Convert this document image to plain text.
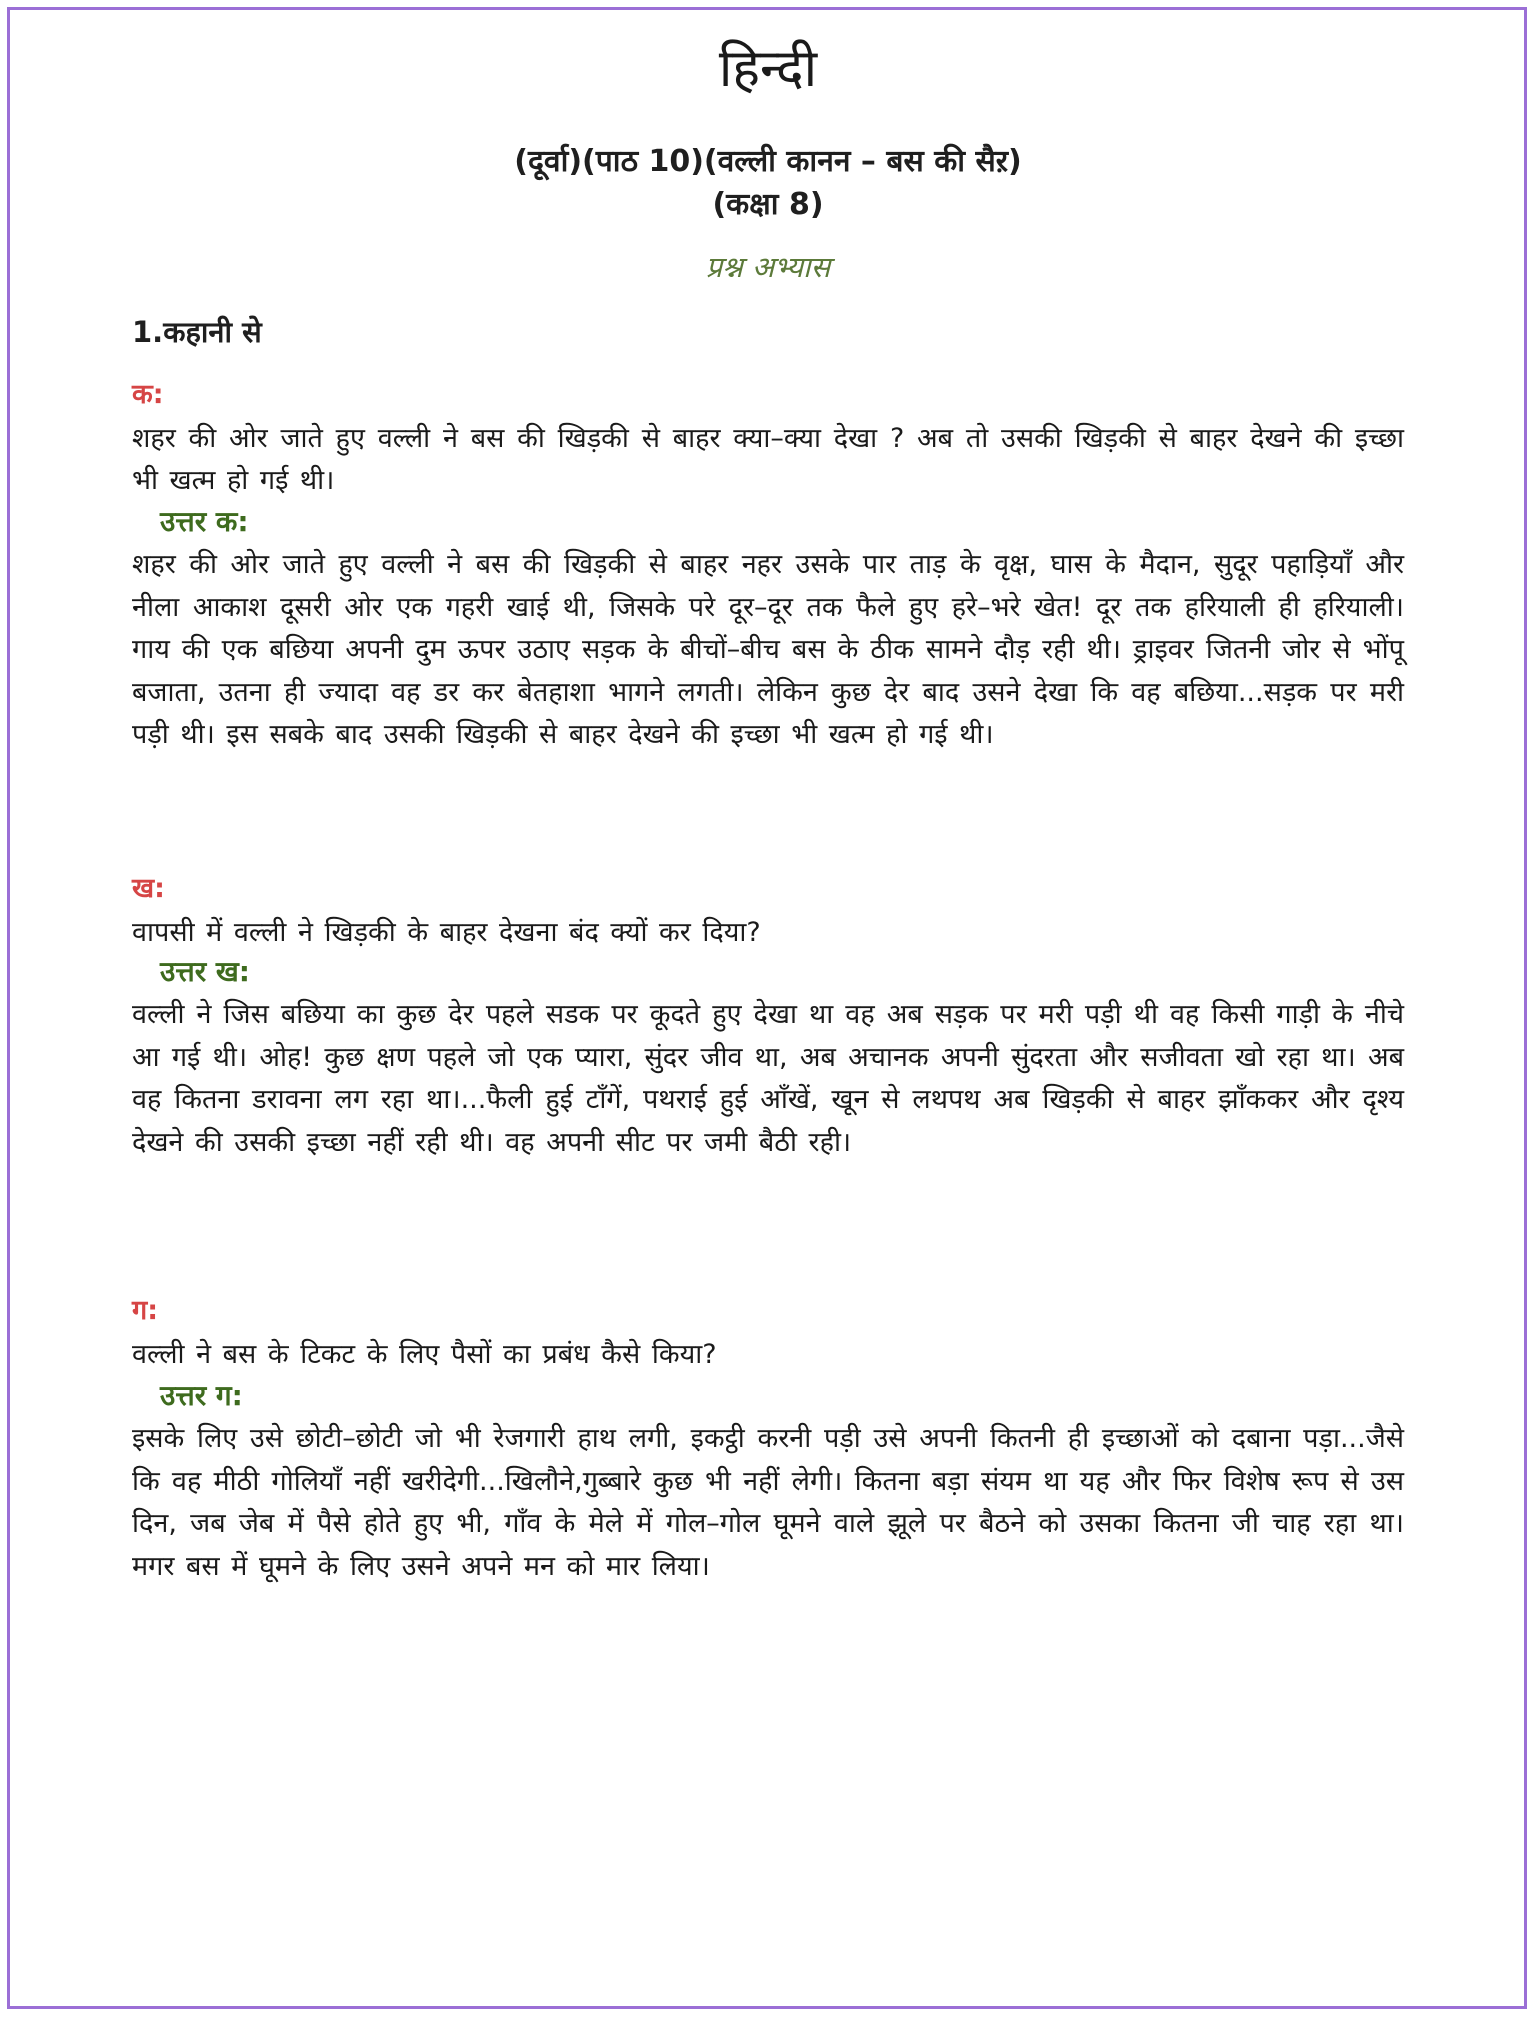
हिन्दी
(दूर्वा)(पाठ 10)(वल्ली कानन – बस की सैऱ)
(कक्षा 8)
प्रश्न अभ्यास
1.कहानी से
क:
शहर की ओर जाते हुए वल्ली ने बस की खिड़की से बाहर क्या–क्या देखा ? अब तो उसकी खिड़की से बाहर देखने की इच्छा भी खत्म हो गई थी।
उत्तर क:
शहर की ओर जाते हुए वल्ली ने बस की खिड़की से बाहर नहर उसके पार ताड़ के वृक्ष, घास के मैदान, सुदूर पहाड़ियाँ और नीला आकाश दूसरी ओर एक गहरी खाई थी, जिसके परे दूर–दूर तक फैले हुए हरे–भरे खेत! दूर तक हरियाली ही हरियाली। गाय की एक बछिया अपनी दुम ऊपर उठाए सड़क के बीचों–बीच बस के ठीक सामने दौड़ रही थी। ड्राइवर जितनी जोर से भोंपू बजाता, उतना ही ज्यादा वह डर कर बेतहाशा भागने लगती। लेकिन कुछ देर बाद उसने देखा कि वह बछिया...सड़क पर मरी पड़ी थी। इस सबके बाद उसकी खिड़की से बाहर देखने की इच्छा भी खत्म हो गई थी।
ख:
वापसी में वल्ली ने खिड़की के बाहर देखना बंद क्यों कर दिया?
उत्तर ख:
वल्ली ने जिस बछिया का कुछ देर पहले सडक पर कूदते हुए देखा था वह अब सड़क पर मरी पड़ी थी वह किसी गाड़ी के नीचे आ गई थी। ओह! कुछ क्षण पहले जो एक प्यारा, सुंदर जीव था, अब अचानक अपनी सुंदरता और सजीवता खो रहा था। अब वह कितना डरावना लग रहा था।...फैली हुई टाँगें, पथराई हुई आँखें, खून से लथपथ अब खिड़की से बाहर झाँककर और दृश्य देखने की उसकी इच्छा नहीं रही थी। वह अपनी सीट पर जमी बैठी रही।
ग:
वल्ली ने बस के टिकट के लिए पैसों का प्रबंध कैसे किया?
उत्तर ग:
इसके लिए उसे छोटी–छोटी जो भी रेजगारी हाथ लगी, इकट्ठी करनी पड़ी उसे अपनी कितनी ही इच्छाओं को दबाना पड़ा...जैसे कि वह मीठी गोलियाँ नहीं खरीदेगी...खिलौने,गुब्बारे कुछ भी नहीं लेगी। कितना बड़ा संयम था यह और फिर विशेष रूप से उस दिन, जब जेब में पैसे होते हुए भी, गाँव के मेले में गोल–गोल घूमने वाले झूले पर बैठने को उसका कितना जी चाह रहा था। मगर बस में घूमने के लिए उसने अपने मन को मार लिया।
